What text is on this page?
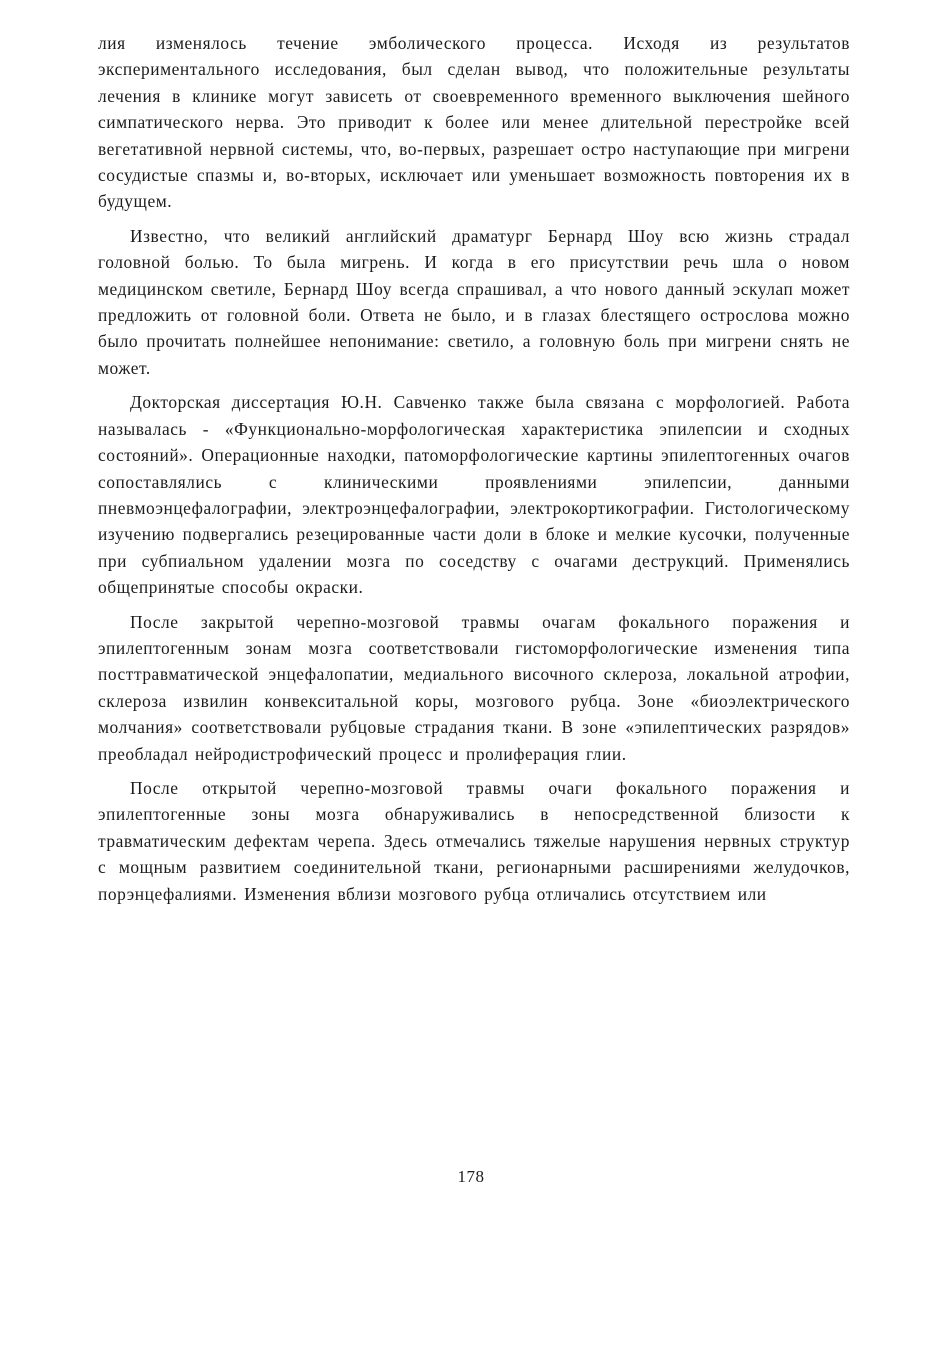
лия изменялось течение эмболического процесса. Исходя из результатов экспериментального исследования, был сделан вывод, что положительные результаты лечения в клинике могут зависеть от своевременного временного выключения шейного симпатического нерва. Это приводит к более или менее длительной перестройке всей вегетативной нервной системы, что, во-первых, разрешает остро наступающие при мигрени сосудистые спазмы и, во-вторых, исключает или уменьшает возможность повторения их в будущем.

Известно, что великий английский драматург Бернард Шоу всю жизнь страдал головной болью. То была мигрень. И когда в его присутствии речь шла о новом медицинском светиле, Бернард Шоу всегда спрашивал, а что нового данный эскулап может предложить от головной боли. Ответа не было, и в глазах блестящего острослова можно было прочитать полнейшее непонимание: светило, а головную боль при мигрени снять не может.

Докторская диссертация Ю.Н. Савченко также была связана с морфологией. Работа называлась - «Функционально-морфологическая характеристика эпилепсии и сходных состояний». Операционные находки, патоморфологические картины эпилептогенных очагов сопоставлялись с клиническими проявлениями эпилепсии, данными пневмоэнцефалографии, электроэнцефалографии, электрокортикографии. Гистологическому изучению подвергались резецированные части доли в блоке и мелкие кусочки, полученные при субпиальном удалении мозга по соседству с очагами деструкций. Применялись общепринятые способы окраски.

После закрытой черепно-мозговой травмы очагам фокального поражения и эпилептогенным зонам мозга соответствовали гистоморфологические изменения типа посттравматической энцефалопатии, медиального височного склероза, локальной атрофии, склероза извилин конвекситальной коры, мозгового рубца. Зоне «биоэлектрического молчания» соответствовали рубцовые страдания ткани. В зоне «эпилептических разрядов» преобладал нейродистрофический процесс и пролиферация глии.

После открытой черепно-мозговой травмы очаги фокального поражения и эпилептогенные зоны мозга обнаруживались в непосредственной близости к травматическим дефектам черепа. Здесь отмечались тяжелые нарушения нервных структур с мощным развитием соединительной ткани, регионарными расширениями желудочков, порэнцефалиями. Изменения вблизи мозгового рубца отличались отсутствием или

178
